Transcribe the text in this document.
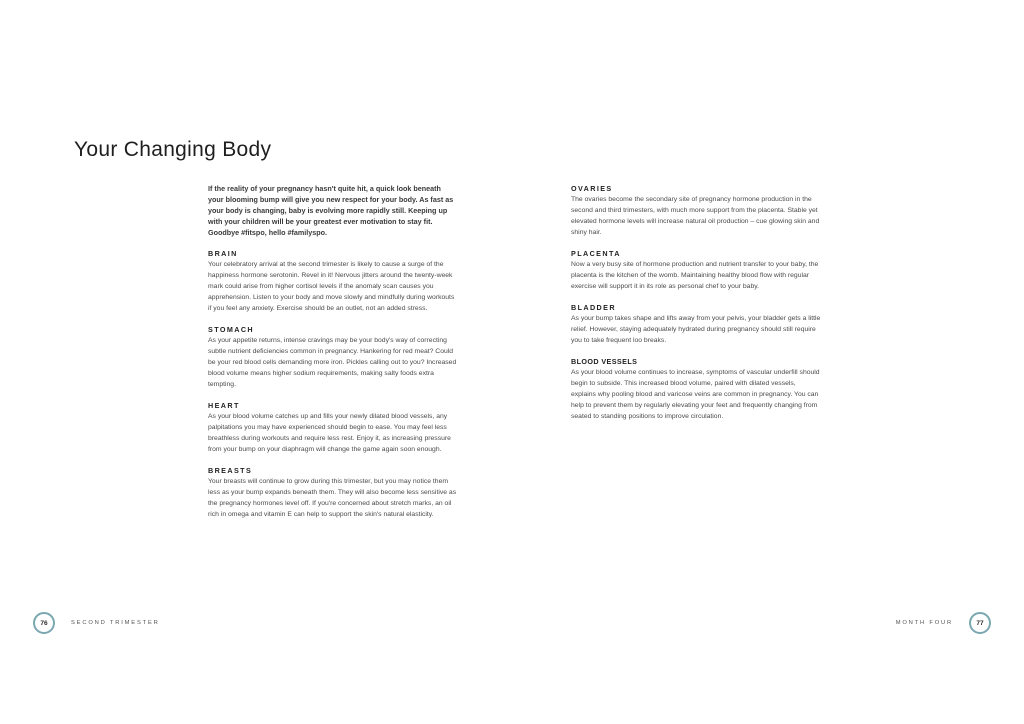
Your Changing Body

If the reality of your pregnancy hasn't quite hit, a quick look beneath your blooming bump will give you new respect for your body. As fast as your body is changing, baby is evolving more rapidly still. Keeping up with your children will be your greatest ever motivation to stay fit. Goodbye #fitspo, hello #familyspo.

BRAIN

Your celebratory arrival at the second trimester is likely to cause a surge of the happiness hormone serotonin. Revel in it! Nervous jitters around the twenty-week mark could arise from higher cortisol levels if the anomaly scan causes you apprehension. Listen to your body and move slowly and mindfully during workouts if you feel any anxiety. Exercise should be an outlet, not an added stress.

STOMACH

As your appetite returns, intense cravings may be your body's way of correcting subtle nutrient deficiencies common in pregnancy. Hankering for red meat? Could be your red blood cells demanding more iron. Pickles calling out to you? Increased blood volume means higher sodium requirements, making salty foods extra tempting.

HEART

As your blood volume catches up and fills your newly dilated blood vessels, any palpitations you may have experienced should begin to ease. You may feel less breathless during workouts and require less rest. Enjoy it, as increasing pressure from your bump on your diaphragm will change the game again soon enough.

BREASTS

Your breasts will continue to grow during this trimester, but you may notice them less as your bump expands beneath them. They will also become less sensitive as the pregnancy hormones level off. If you're concerned about stretch marks, an oil rich in omega and vitamin E can help to support the skin's natural elasticity.

OVARIES

The ovaries become the secondary site of pregnancy hormone production in the second and third trimesters, with much more support from the placenta. Stable yet elevated hormone levels will increase natural oil production – cue glowing skin and shiny hair.

PLACENTA

Now a very busy site of hormone production and nutrient transfer to your baby, the placenta is the kitchen of the womb. Maintaining healthy blood flow with regular exercise will support it in its role as personal chef to your baby.

BLADDER

As your bump takes shape and lifts away from your pelvis, your bladder gets a little relief. However, staying adequately hydrated during pregnancy should still require you to take frequent loo breaks.

BLOOD VESSELS

As your blood volume continues to increase, symptoms of vascular underfill should begin to subside. This increased blood volume, paired with dilated vessels, explains why pooling blood and varicose veins are common in pregnancy. You can help to prevent them by regularly elevating your feet and frequently changing from seated to standing positions to improve circulation.

76	SECOND TRIMESTER	MONTH FOUR	77
